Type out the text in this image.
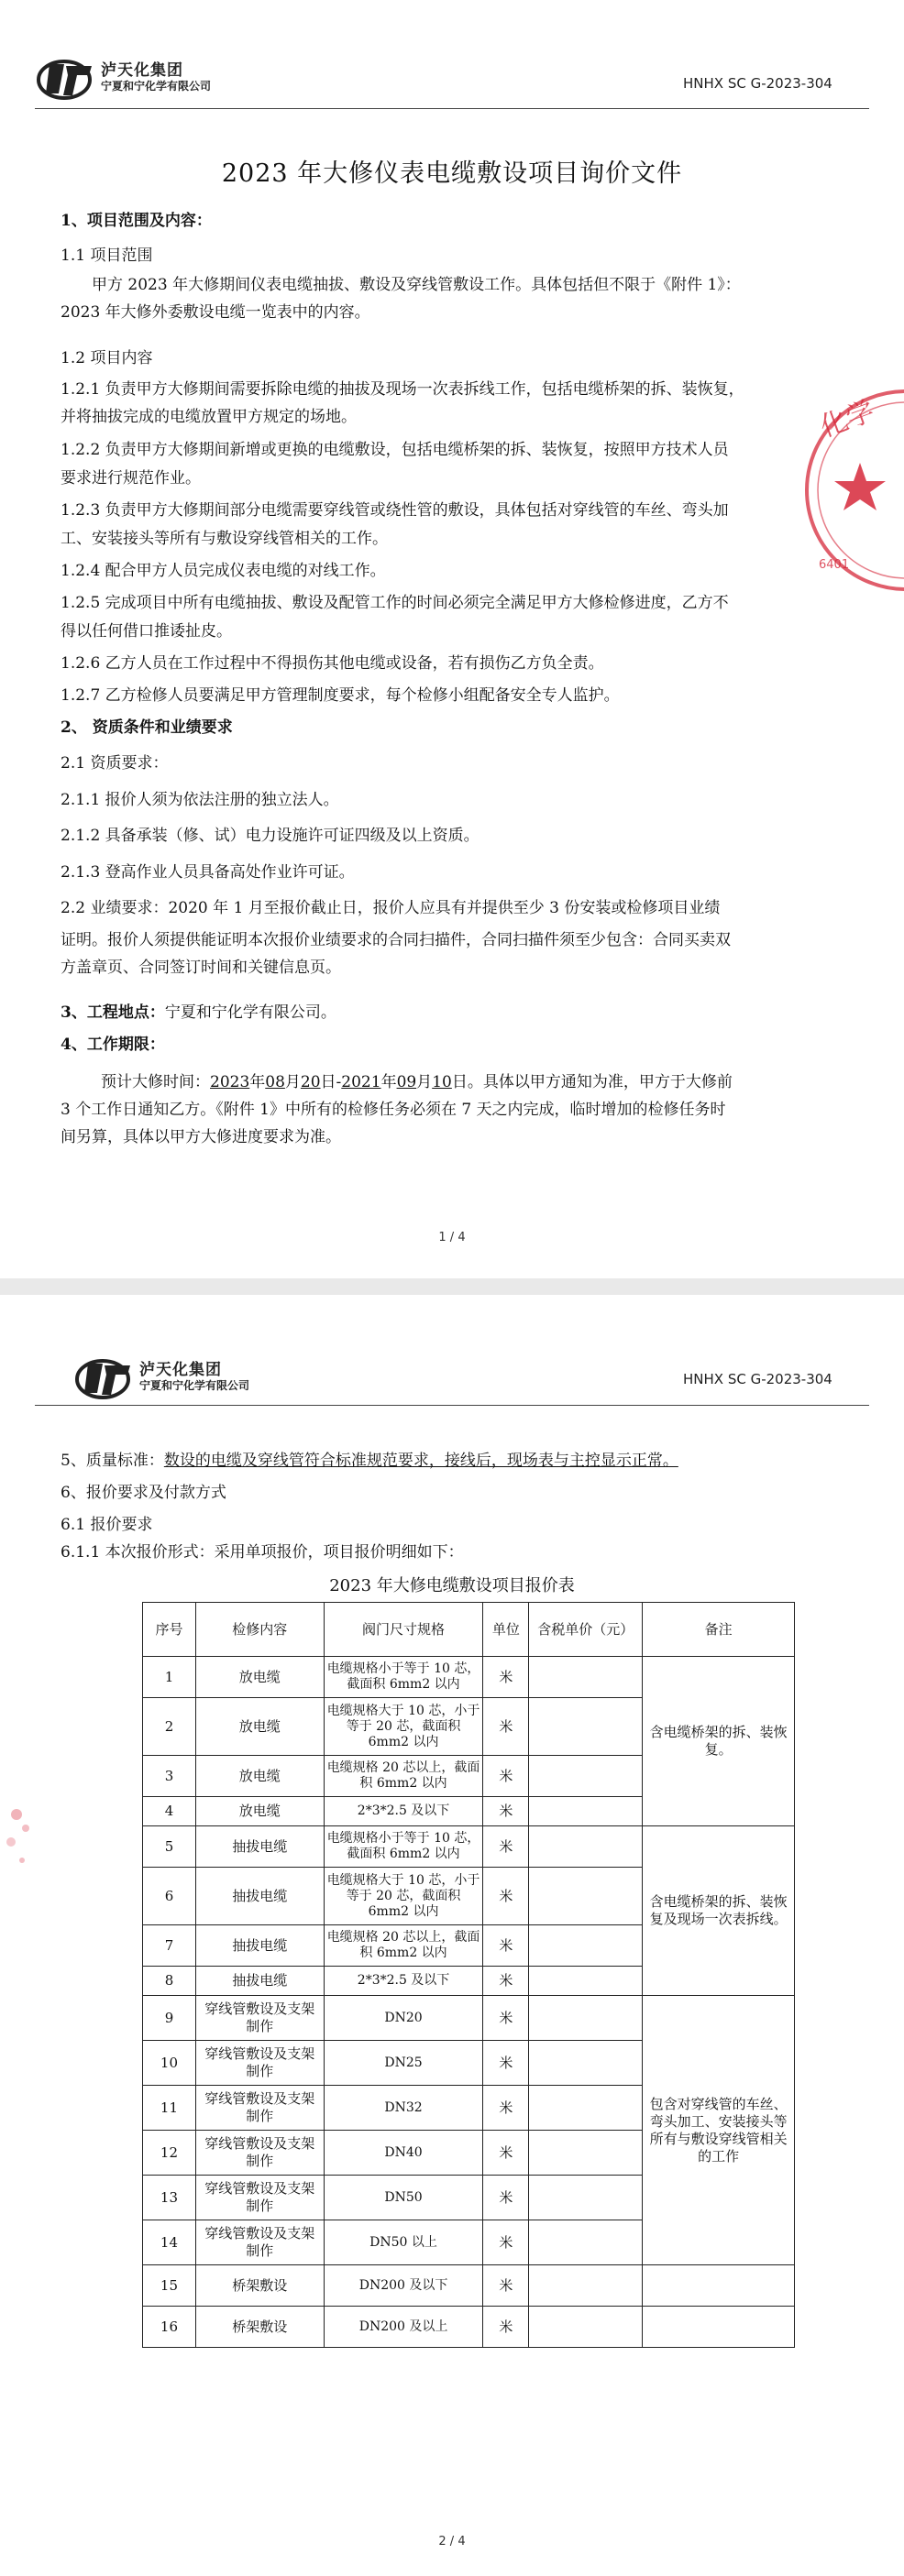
泸天化集团
宁夏和宁化学有限公司	HNHX SC G-2023-304
2023 年大修仪表电缆敷设项目询价文件
1、项目范围及内容：
1.1 项目范围
甲方 2023 年大修期间仪表电缆抽拔、敷设及穿线管敷设工作。具体包括但不限于《附件 1》：
2023 年大修外委敷设电缆一览表中的内容。
1.2 项目内容
1.2.1 负责甲方大修期间需要拆除电缆的抽拔及现场一次表拆线工作，包括电缆桥架的拆、装恢复，
并将抽拔完成的电缆放置甲方规定的场地。
1.2.2 负责甲方大修期间新增或更换的电缆敷设，包括电缆桥架的拆、装恢复，按照甲方技术人员
要求进行规范作业。
1.2.3 负责甲方大修期间部分电缆需要穿线管或绕性管的敷设，具体包括对穿线管的车丝、弯头加
工、安装接头等所有与敷设穿线管相关的工作。
1.2.4 配合甲方人员完成仪表电缆的对线工作。
1.2.5 完成项目中所有电缆抽拔、敷设及配管工作的时间必须完全满足甲方大修检修进度，乙方不
得以任何借口推诿扯皮。
1.2.6 乙方人员在工作过程中不得损伤其他电缆或设备，若有损伤乙方负全责。
1.2.7 乙方检修人员要满足甲方管理制度要求，每个检修小组配备安全专人监护。
2、 资质条件和业绩要求
2.1 资质要求：
2.1.1 报价人须为依法注册的独立法人。
2.1.2 具备承装（修、试）电力设施许可证四级及以上资质。
2.1.3 登高作业人员具备高处作业许可证。
2.2 业绩要求：2020 年 1 月至报价截止日，报价人应具有并提供至少 3 份安装或检修项目业绩
证明。报价人须提供能证明本次报价业绩要求的合同扫描件，合同扫描件须至少包含：合同买卖双
方盖章页、合同签订时间和关键信息页。
3、工程地点：宁夏和宁化学有限公司。
4、工作期限：
预计大修时间：2023年08月20日-2021年09月10日。具体以甲方通知为准，甲方于大修前
3 个工作日通知乙方。《附件 1》中所有的检修任务必须在 7 天之内完成，临时增加的检修任务时
间另算，具体以甲方大修进度要求为准。
1 / 4
化学
6401
泸天化集团
宁夏和宁化学有限公司	HNHX SC G-2023-304
5、质量标准：数设的电缆及穿线管符合标准规范要求，接线后，现场表与主控显示正常。
6、报价要求及付款方式
6.1 报价要求
6.1.1 本次报价形式：采用单项报价，项目报价明细如下：
2023 年大修电缆敷设项目报价表
序号	检修内容	阀门尺寸规格	单位	含税单价（元）	备注
1	放电缆	电缆规格小于等于 10 芯，截面积 6mm2 以内	米		含电缆桥架的拆、装恢复。
2	放电缆	电缆规格大于 10 芯，小于等于 20 芯，截面积 6mm2 以内	米		
3	放电缆	电缆规格 20 芯以上，截面积 6mm2 以内	米		
4	放电缆	2*3*2.5 及以下	米		
5	抽拔电缆	电缆规格小于等于 10 芯，截面积 6mm2 以内	米		含电缆桥架的拆、装恢复及现场一次表拆线。
6	抽拔电缆	电缆规格大于 10 芯，小于等于 20 芯，截面积 6mm2 以内	米		
7	抽拔电缆	电缆规格 20 芯以上，截面积 6mm2 以内	米		
8	抽拔电缆	2*3*2.5 及以下	米		
9	穿线管敷设及支架制作	DN20	米		包含对穿线管的车丝、弯头加工、安装接头等所有与敷设穿线管相关的工作
10	穿线管敷设及支架制作	DN25	米		
11	穿线管敷设及支架制作	DN32	米		
12	穿线管敷设及支架制作	DN40	米		
13	穿线管敷设及支架制作	DN50	米		
14	穿线管敷设及支架制作	DN50 以上	米		
15	桥架敷设	DN200 及以下	米		
16	桥架敷设	DN200 及以上	米		
2 / 4
